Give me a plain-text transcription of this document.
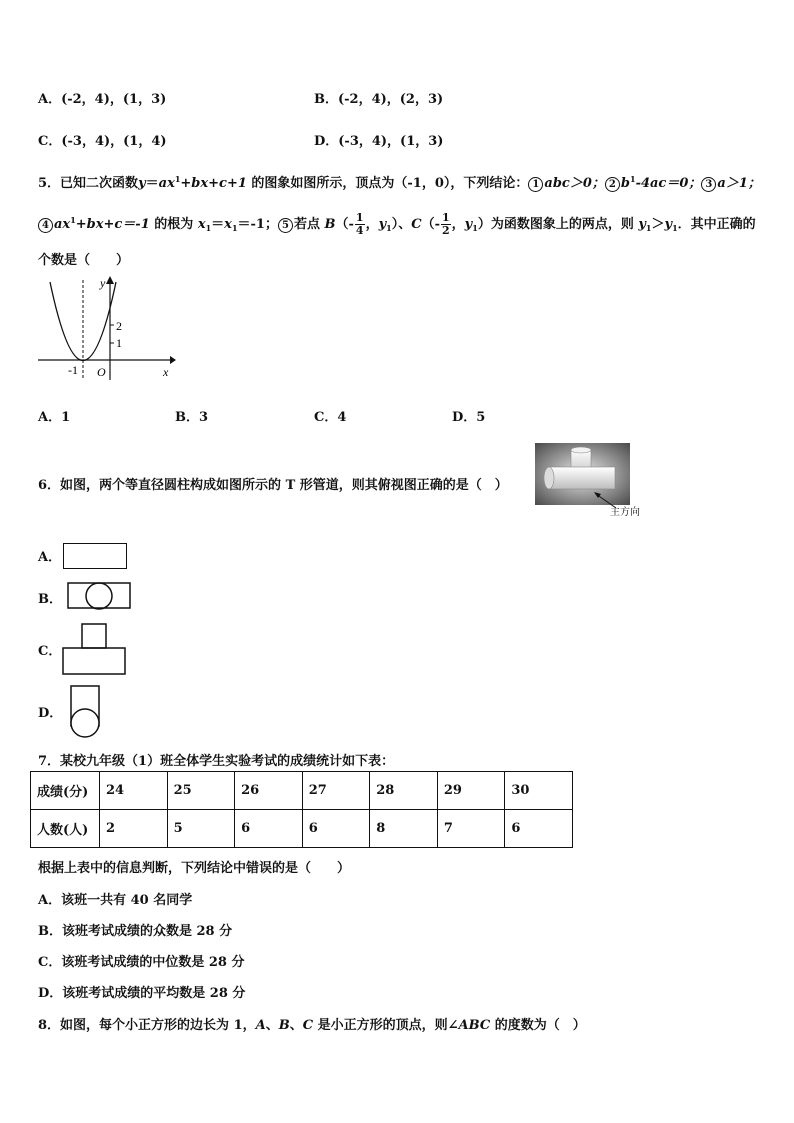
A．(-2，4)，(1，3)	B．(-2，4)，(2，3)
C．(-3，4)，(1，4)	D．(-3，4)，(1，3)
5．已知二次函数$y=ax^1+bx+c+1$ 的图象如图所示，顶点为（-1，0），下列结论： 1 abc＞0； 2 $b^1-4ac=0$； 3 a＞1；
4 $ax^1+bx+c=-1$ 的根为 $x_1=x_1=-1$； 5 若点 $B(- \frac{1}{4}$ ，$y_1$）、$C(- \frac{1}{2}$ ，$y_1$）为函数图象上的两点，则 $y_1>y_1$．其中正确的
个数是（　　）
y
x
O
-1
2
1
A．1	B．3	C．4	D．5
6．如图，两个等直径圆柱构成如图所示的 T 形管道，则其俯视图正确的是（　）
主方向
A．
B．
C．
D．
7．某校九年级（1）班全体学生实验考试的成绩统计如下表：
成绩(分)	24	25	26	27	28	29	30
人数(人)	2	5	6	6	8	7	6
根据上表中的信息判断，下列结论中错误的是（　　）
A．该班一共有 40 名同学
B．该班考试成绩的众数是 28 分
C．该班考试成绩的中位数是 28 分
D．该班考试成绩的平均数是 28 分
8．如图，每个小正方形的边长为 1，A、B、C 是小正方形的顶点，则∠ABC 的度数为（　）
